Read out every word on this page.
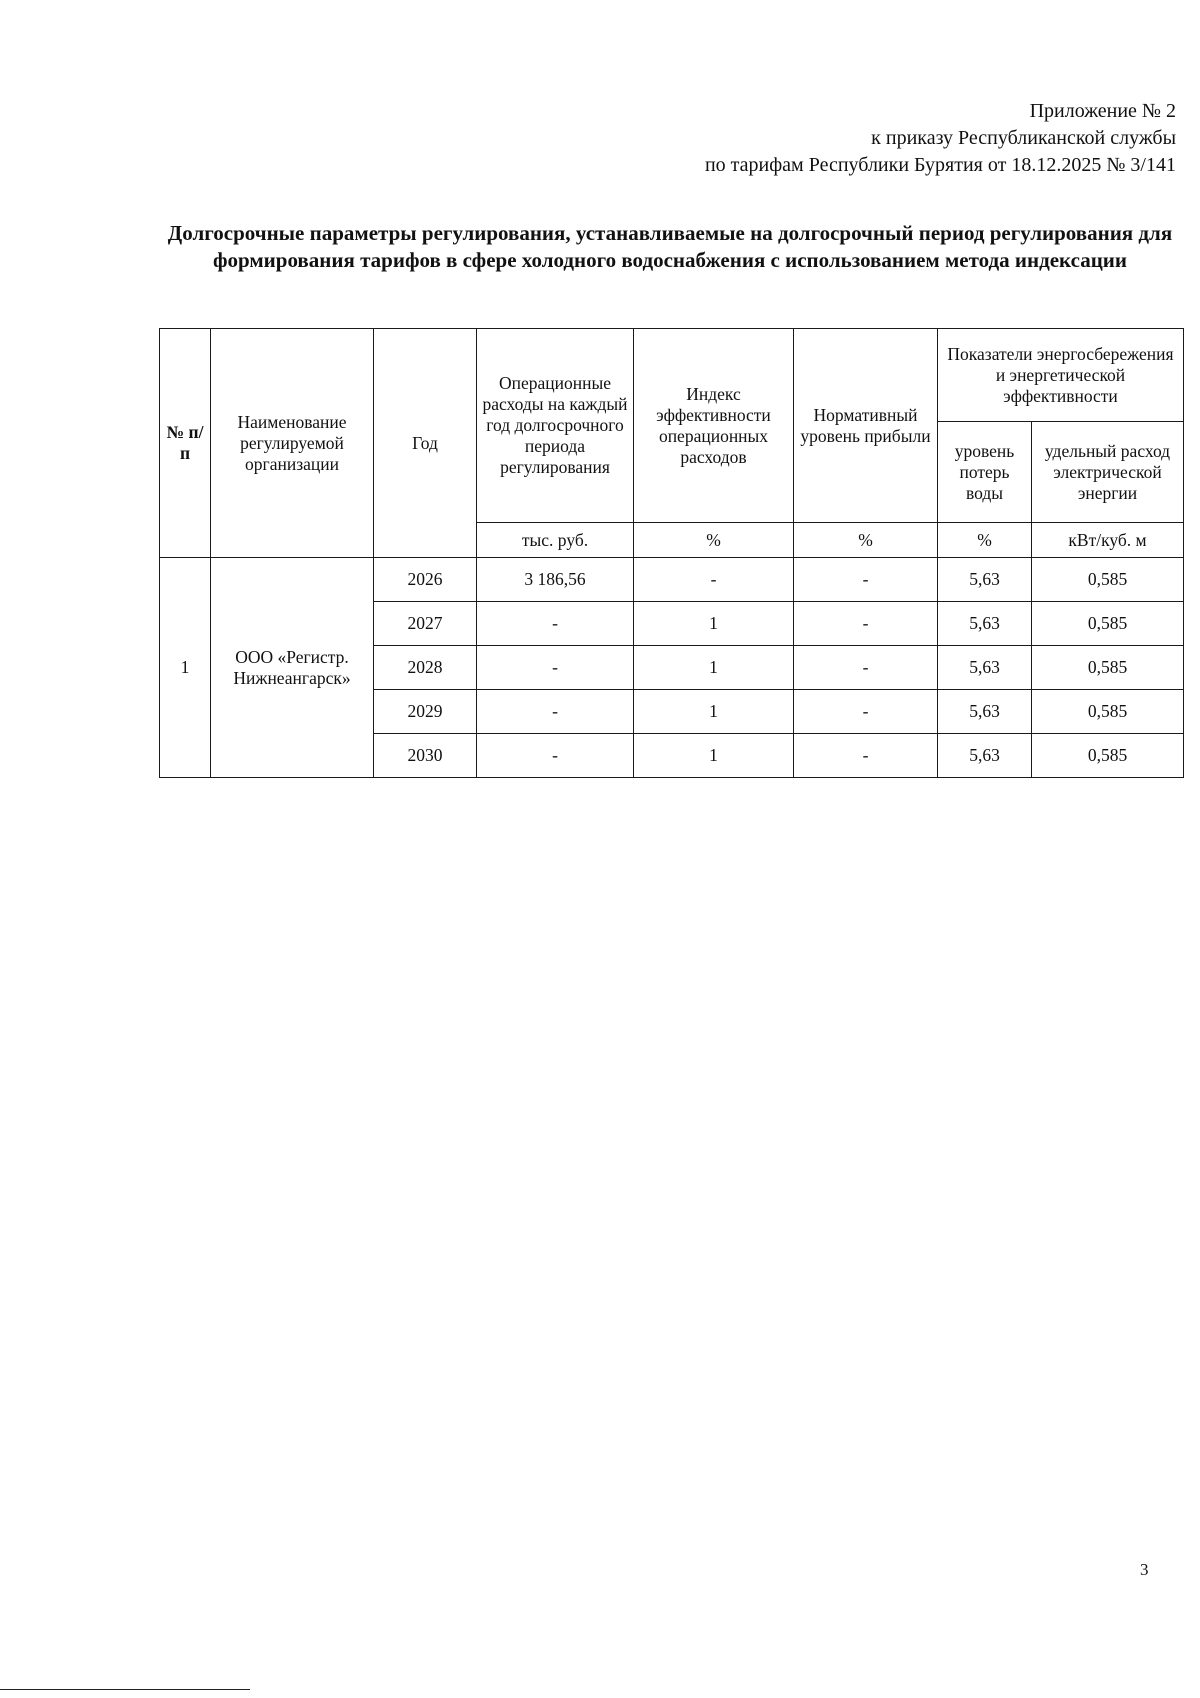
Приложение № 2
к приказу Республиканской службы
по тарифам Республики Бурятия от 18.12.2025 № 3/141
Долгосрочные параметры регулирования, устанавливаемые на долгосрочный период регулирования для формирования тарифов в сфере холодного водоснабжения с использованием метода индексации
№ п/п	Наименование регулируемой организации	Год	Операционные расходы на каждый год долгосрочного периода регулирования	Индекс эффективности операционных расходов	Нормативный уровень прибыли	Показатели энергосбережения и энергетической эффективности	
						уровень потерь воды	удельный расход электрической энергии
			тыс. руб.	%	%	%	кВт/куб. м
1	ООО «Регистр. Нижнеангарск»	2026	3 186,56	-	-	5,63	0,585
		2027	-	1	-	5,63	0,585
		2028	-	1	-	5,63	0,585
		2029	-	1	-	5,63	0,585
		2030	-	1	-	5,63	0,585
3
